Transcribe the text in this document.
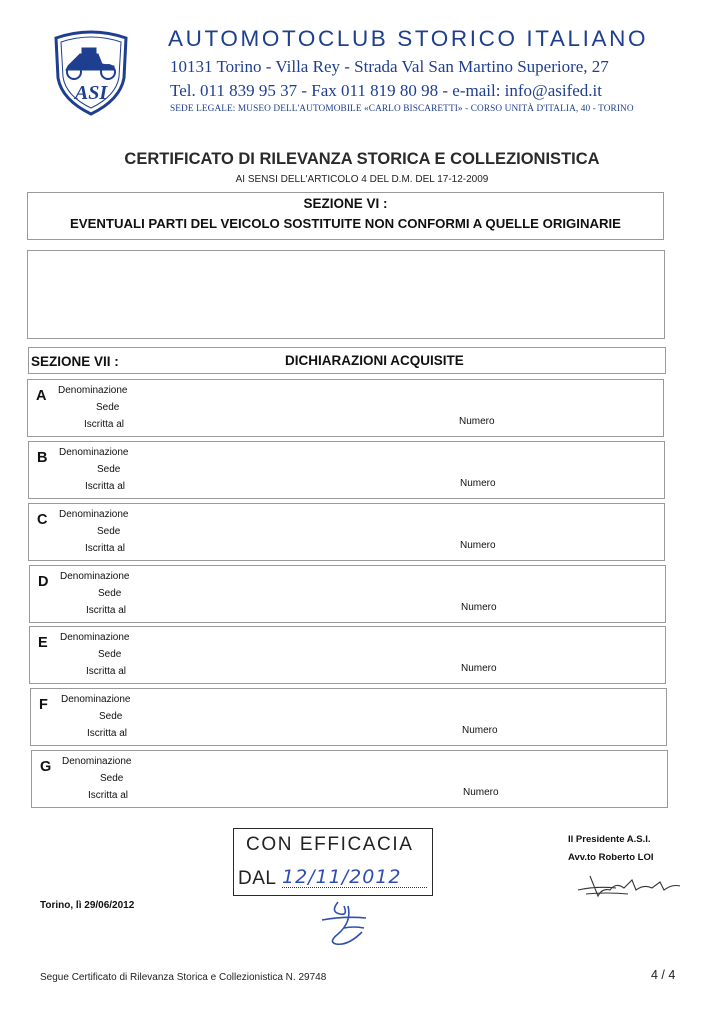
ASI
AUTOMOTOCLUB STORICO ITALIANO
10131 Torino - Villa Rey - Strada Val San Martino Superiore, 27
Tel. 011 839 95 37 - Fax 011 819 80 98 - e-mail: info@asifed.it
SEDE LEGALE: MUSEO DELL'AUTOMOBILE «CARLO BISCARETTI» - CORSO UNITÀ D'ITALIA, 40 - TORINO
CERTIFICATO DI RILEVANZA STORICA E COLLEZIONISTICA
AI SENSI DELL'ARTICOLO 4 DEL D.M. DEL 17-12-2009
SEZIONE VI :
EVENTUALI PARTI DEL VEICOLO SOSTITUITE NON CONFORMI A QUELLE ORIGINARIE
SEZIONE VII :	DICHIARAZIONI ACQUISITE
A Denominazione
Sede
Iscritta al	Numero
B Denominazione
Sede
Iscritta al	Numero
C Denominazione
Sede
Iscritta al	Numero
D Denominazione
Sede
Iscritta al	Numero
E Denominazione
Sede
Iscritta al	Numero
F Denominazione
Sede
Iscritta al	Numero
G Denominazione
Sede
Iscritta al	Numero
CON EFFICACIA
DAL 12/11/2012
Il Presidente A.S.I.
Avv.to Roberto LOI
Torino, lì 29/06/2012
Segue Certificato di Rilevanza Storica e Collezionistica N. 29748	4 / 4
